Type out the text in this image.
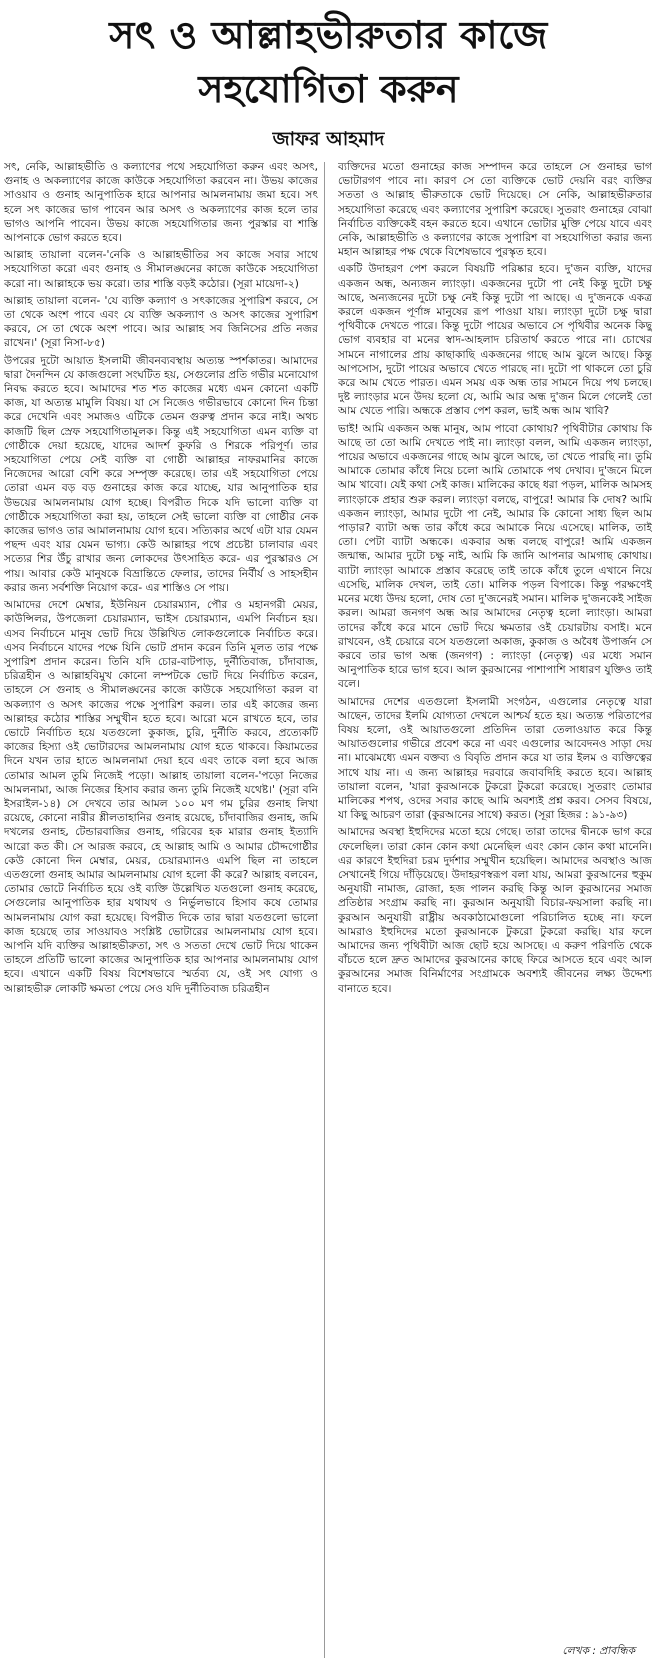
সৎ ও আল্লাহভীরুতার কাজে
সহযোগিতা করুন
জাফর আহমাদ

সৎ, নেকি, আল্লাহভীতি ও কল্যাণের পথে সহযোগিতা করুন এবং অসৎ, গুনাহ ও অকল্যাণের কাজে কাউকে সহযোগিতা করবেন না। উভয় কাজের সাওয়াব ও গুনাহ আনুপাতিক হারে আপনার আমলনামায় জমা হবে। সৎ হলে সৎ কাজের ভাগ পাবেন আর অসৎ ও অকল্যাণের কাজ হলে তার ভাগও আপনি পাবেন। উভয় কাজে সহযোগিতার জন্য পুরস্কার বা শাস্তি আপনাকে ভোগ করতে হবে।

আল্লাহ তায়ালা বলেন-'নেকি ও আল্লাহভীতির সব কাজে সবার সাথে সহযোগিতা করো এবং গুনাহ ও সীমালঙ্ঘনের কাজে কাউকে সহযোগিতা করো না। আল্লাহকে ভয় করো। তার শাস্তি বড়ই কঠোর। (সূরা মায়েদা-২)

আল্লাহ তায়ালা বলেন- 'যে ব্যক্তি কল্যাণ ও সৎকাজের সুপারিশ করবে, সে তা থেকে অংশ পাবে এবং যে ব্যক্তি অকল্যাণ ও অসৎ কাজের সুপারিশ করবে, সে তা থেকে অংশ পাবে। আর আল্লাহ সব জিনিসের প্রতি নজর রাখেন।' (সূরা নিসা-৮৫)

উপরের দুটো আয়াত ইসলামী জীবনব্যবস্থায় অত্যন্ত স্পর্শকাতর। আমাদের দ্বারা দৈনন্দিন যে কাজগুলো সংঘটিত হয়, সেগুলোর প্রতি গভীর মনোযোগ নিবদ্ধ করতে হবে। আমাদের শত শত কাজের মধ্যে এমন কোনো একটি কাজ, যা অত্যন্ত মামুলি বিষয়। যা সে নিজেও গভীরভাবে কোনো দিন চিন্তা করে দেখেনি এবং সমাজও এটিকে তেমন গুরুত্ব প্রদান করে নাই। অথচ কাজটি ছিল স্রেফ সহযোগিতামূলক। কিন্তু এই সহযোগিতা এমন ব্যক্তি বা গোষ্ঠীকে দেয়া হয়েছে, যাদের আদর্শ কুফরি ও শিরকে পরিপূর্ণ। তার সহযোগিতা পেয়ে সেই ব্যক্তি বা গোষ্ঠী আল্লাহর নাফরমানির কাজে নিজেদের আরো বেশি করে সম্পৃক্ত করেছে। তার এই সহযোগিতা পেয়ে তোরা এমন বড় বড় গুনাহের কাজ করে যাচ্ছে, যার আনুপাতিক হার উভয়ের আমলনামায় যোগ হচ্ছে। বিপরীত দিকে যদি ভালো ব্যক্তি বা গোষ্ঠীকে সহযোগিতা করা হয়, তাহলে সেই ভালো ব্যক্তি বা গোষ্ঠীর নেক কাজের ভাগও তার আমালনামায় যোগ হবে। সত্যিকার অর্থে এটা যার যেমন পছন্দ এবং যার যেমন ভাগ্য। কেউ আল্লাহর পথে প্রচেষ্টা চালাবার এবং সত্যের শির উঁচু রাখার জন্য লোকদের উৎসাহিত করে- এর পুরস্কারও সে পায়। আবার কেউ মানুষকে বিভ্রান্তিতে ফেলার, তাদের নির্বীর্য ও সাহসহীন করার জন্য সর্বশক্তি নিয়োগ করে- এর শাস্তিও সে পায়।

আমাদের দেশে মেম্বার, ইউনিয়ন চেয়ারম্যান, পৌর ও মহানগরী মেয়র, কাউন্সিলর, উপজেলা চেয়ারম্যান, ভাইস চেয়ারম্যান, এমপি নির্বাচন হয়। এসব নির্বাচনে মানুষ ভোট দিয়ে উল্লিখিত লোকগুলোকে নির্বাচিত করে। এসব নির্বাচনে যাদের পক্ষে যিনি ভোট প্রদান করেন তিনি মূলত তার পক্ষে সুপারিশ প্রদান করেন। তিনি যদি চোর-বাটপাড়, দুর্নীতিবাজ, চাঁদাবাজ, চরিত্রহীন ও আল্লাহবিমুখ কোনো লম্পটকে ভোট দিয়ে নির্বাচিত করেন, তাহলে সে গুনাহ ও সীমালঙ্ঘনের কাজে কাউকে সহযোগিতা করল বা অকল্যাণ ও অসৎ কাজের পক্ষে সুপারিশ করল। তার এই কাজের জন্য আল্লাহর কঠোর শাস্তির সম্মুখীন হতে হবে। আরো মনে রাখতে হবে, তার ভোটে নির্বাচিত হয়ে যতগুলো কুকাজ, চুরি, দুর্নীতি করবে, প্রত্যেকটি কাজের হিস্যা ওই ভোটারদের আমলনামায় যোগ হতে থাকবে। কিয়ামতের দিনে যখন তার হাতে আমলনামা দেয়া হবে এবং তাকে বলা হবে আজ তোমার আমল তুমি নিজেই পড়ো। আল্লাহ তায়ালা বলেন-'পড়ো নিজের আমলনামা, আজ নিজের হিসাব করার জন্য তুমি নিজেই যথেষ্ট।' (সূরা বনি ইসরাইল-১৪) সে দেখবে তার আমল ১০০ মণ গম চুরির গুনাহ লিখা রয়েছে, কোনো নারীর শ্লীলতাহানির গুনাহ রয়েছে, চাঁদাবাজির গুনাহ, জমি দখলের গুনাহ, টেন্ডারবাজির গুনাহ, গরিবের হক মারার গুনাহ ইত্যাদি আরো কত কী। সে আরজ করবে, হে আল্লাহ আমি ও আমার চৌদ্দগোষ্ঠীর কেউ কোনো দিন মেম্বার, মেয়র, চেয়ারম্যানও এমপি ছিল না তাহলে এতগুলো গুনাহ আমার আমলনামায় যোগ হলো কী করে? আল্লাহ বলবেন, তোমার ভোটে নির্বাচিত হয়ে ওই ব্যক্তি উল্লেখিত যতগুলো গুনাহ করেছে, সেগুলোর আনুপাতিক হার যথাযথ ও নির্ভুলভাবে হিসাব কষে তোমার আমলনামায় যোগ করা হয়েছে। বিপরীত দিকে তার দ্বারা যতগুলো ভালো কাজ হয়েছে তার সাওয়াবও সংশ্লিষ্ট ভোটারের আমলনামায় যোগ হবে। আপনি যদি ব্যক্তির আল্লাহভীরুতা, সৎ ও সততা দেখে ভোট দিয়ে থাকেন তাহলে প্রতিটি ভালো কাজের আনুপাতিক হার আপনার আমলনামায় যোগ হবে। এখানে একটি বিষয় বিশেষভাবে স্মর্তব্য যে, ওই সৎ যোগ্য ও আল্লাহভীরু লোকটি ক্ষমতা পেয়ে সেও যদি দুর্নীতিবাজ চরিত্রহীন

ব্যক্তিদের মতো গুনাহের কাজ সম্পাদন করে তাহলে সে গুনাহর ভাগ ভোটারগণ পাবে না। কারণ সে তো ব্যক্তিকে ভোট দেয়নি বরং ব্যক্তির সততা ও আল্লাহ ভীরুতাকে ভোট দিয়েছে। সে নেকি, আল্লাহভীরুতার সহযোগিতা করেছে এবং কল্যাণের সুপারিশ করেছে। সুতরাং গুনাহের বোঝা নির্বাচিত ব্যক্তিকেই বহন করতে হবে। এখানে ভোটার মুক্তি পেয়ে যাবে এবং নেকি, আল্লাহভীতি ও কল্যাণের কাজে সুপারিশ বা সহযোগিতা করার জন্য মহান আল্লাহর পক্ষ থেকে বিশেষভাবে পুরস্কৃত হবে।

একটি উদাহরণ পেশ করলে বিষয়টি পরিষ্কার হবে। দু'জন ব্যক্তি, যাদের একজন অন্ধ, অন্যজন ল্যাংড়া। একজনের দুটো পা নেই কিন্তু দুটো চক্ষু আছে, অন্যজনের দুটো চক্ষু নেই কিন্তু দুটো পা আছে। এ দু'জনকে একত্র করলে একজন পূর্ণাঙ্গ মানুষের রূপ পাওয়া যায়। ল্যাংড়া দুটো চক্ষু দ্বারা পৃথিবীকে দেখতে পারে। কিন্তু দুটো পায়ের অভাবে সে পৃথিবীর অনেক কিছু ভোগ ব্যবহার বা মনের স্বাদ-আহলাদ চরিতার্থ করতে পারে না। চোখের সামনে নাগালের প্রায় কাছাকাছি একজনের গাছে আম ঝুলে আছে। কিন্তু আপসোস, দুটো পায়ের অভাবে খেতে পারছে না। দুটো পা থাকলে তো চুরি করে আম খেতে পারত। এমন সময় এক অন্ধ তার সামনে দিয়ে পথ চলছে। দুষ্ট ল্যাংড়ার মনে উদয় হলো যে, আমি আর অন্ধ দু'জন মিলে গেলেই তো আম খেতে পারি। অন্ধকে প্রস্তাব পেশ করল, ভাই অন্ধ আম খাবি?

ভাই! আমি একজন অন্ধ মানুষ, আম পাবো কোথায়? পৃথিবীটার কোথায় কি আছে তা তো আমি দেখতে পাই না। ল্যাংড়া বলল, আমি একজন ল্যাংড়া, পায়ের অভাবে একজনের গাছে আম ঝুলে আছে, তা খেতে পারছি না। তুমি আমাকে তোমার কাঁধে নিয়ে চলো আমি তোমাকে পথ দেখাব। দু'জনে মিলে আম খাবো। যেই কথা সেই কাজ। মালিকের কাছে ধরা পড়ল, মালিক আমসহ ল্যাংড়াকে প্রহার শুরু করল। ল্যাংড়া বলছে, বাপুরে! আমার কি দোষ? আমি একজন ল্যাংড়া, আমার দুটো পা নেই, আমার কি কোনো সাধ্য ছিল আম পাড়ার? ব্যাটা অন্ধ তার কাঁধে করে আমাকে নিয়ে এসেছে। মালিক, তাই তো। পেটা ব্যাটা অন্ধকে। একবার অন্ধ বলছে বাপুরে! আমি একজন জন্মান্ধ, আমার দুটো চক্ষু নাই, আমি কি জানি আপনার আমগাছ কোথায়। ব্যাটা ল্যাংড়া আমাকে প্রস্তাব করেছে তাই তাকে কাঁধে তুলে এখানে নিয়ে এসেছি, মালিক দেখল, তাই তো। মালিক পড়ল বিপাকে। কিন্তু পরক্ষণেই মনের মধ্যে উদয় হলো, দোষ তো দু'জনেরই সমান। মালিক দু'জনকেই সাইজ করল। আমরা জনগণ অন্ধ আর আমাদের নেতৃত্ব হলো ল্যাংড়া। আমরা তাদের কাঁধে করে মানে ভোট দিয়ে ক্ষমতার ওই চেয়ারটায় বসাই। মনে রাখবেন, ওই চেয়ারে বসে যতগুলো অকাজ, কুকাজ ও অবৈধ উপার্জন সে করবে তার ভাগ অন্ধ (জনগণ) : ল্যাংড়া (নেতৃত্ব) এর মধ্যে সমান আনুপাতিক হারে ভাগ হবে। আল কুরআনের পাশাপাশি সাধারণ যুক্তিও তাই বলে।

আমাদের দেশের এতগুলো ইসলামী সংগঠন, এগুলোর নেতৃত্বে যারা আছেন, তাদের ইলমি যোগ্যতা দেখলে আশ্চর্য হতে হয়। অত্যন্ত পরিতাপের বিষয় হলো, ওই আয়াতগুলো প্রতিদিন তারা তেলাওয়াত করে কিন্তু আয়াতগুলোর গভীরে প্রবেশ করে না এবং এগুলোর আবেদনও সাড়া দেয় না। মাঝেমধ্যে এমন বক্তব্য ও বিবৃতি প্রদান করে যা তার ইলম ও ব্যক্তিত্বের সাথে যায় না। এ জন্য আল্লাহর দরবারে জবাবদিহি করতে হবে। আল্লাহ তায়ালা বলেন, 'যারা কুরআনকে টুকরো টুকরো করেছে। সুতরাং তোমার মালিকের শপথ, ওদের সবার কাছে আমি অবশ্যই প্রশ্ন করব। সেসব বিষয়ে, যা কিছু আচরণ তারা (কুরআনের সাথে) করত। (সূরা হিজর : ৯১-৯৩)

আমাদের অবস্থা ইহুদিদের মতো হয়ে গেছে। তারা তাদের দ্বীনকে ভাগ করে ফেলেছিল। তারা কোন কোন কথা মেনেছিল এবং কোন কোন কথা মানেনি। এর কারণে ইহুদিরা চরম দুর্দশার সম্মুখীন হয়েছিল। আমাদের অবস্থাও আজ সেখানেই গিয়ে দাঁড়িয়েছে। উদাহরণস্বরূপ বলা যায়, আমরা কুরআনের হুকুম অনুযায়ী নামাজ, রোজা, হজ পালন করছি কিন্তু আল কুরআনের সমাজ প্রতিষ্ঠার সংগ্রাম করছি না। কুরআন অনুযায়ী বিচার-ফয়সালা করছি না। কুরআন অনুযায়ী রাষ্ট্রীয় অবকাঠামোগুলো পরিচালিত হচ্ছে না। ফলে আমরাও ইহুদিদের মতো কুরআনকে টুকরো টুকরো করছি। যার ফলে আমাদের জন্য পৃথিবীটা আজ ছোট হয়ে আসছে। এ করুণ পরিণতি থেকে বাঁচতে হলে দ্রুত আমাদের কুরআনের কাছে ফিরে আসতে হবে এবং আল কুরআনের সমাজ বিনির্মাণের সংগ্রামকে অবশ্যই জীবনের লক্ষ্য উদ্দেশ্য বানাতে হবে।

লেখক : প্রাবন্ধিক
